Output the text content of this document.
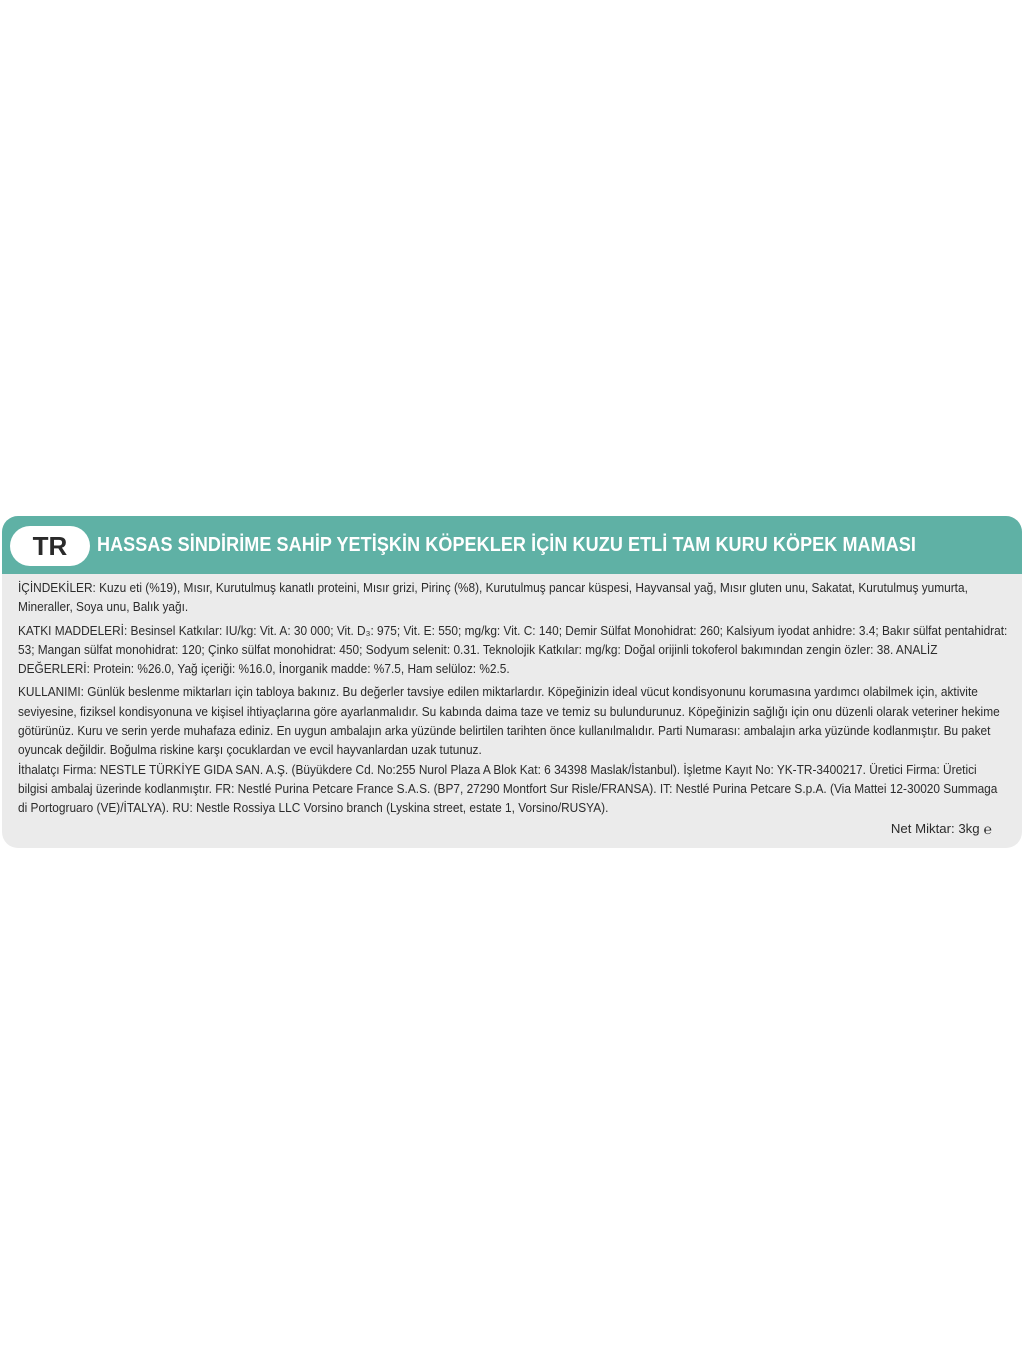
TR	HASSAS SİNDİRİME SAHİP YETİŞKİN KÖPEKLER İÇİN KUZU ETLİ TAM KURU KÖPEK MAMASI

İÇİNDEKİLER: Kuzu eti (%19), Mısır, Kurutulmuş kanatlı proteini, Mısır grizi, Pirinç (%8), Kurutulmuş pancar küspesi, Hayvansal yağ, Mısır gluten unu, Sakatat, Kurutulmuş yumurta, Mineraller, Soya unu, Balık yağı.

KATKI MADDELERİ: Besinsel Katkılar: IU/kg: Vit. A: 30 000; Vit. D₃: 975; Vit. E: 550; mg/kg: Vit. C: 140; Demir Sülfat Monohidrat: 260; Kalsiyum iyodat anhidre: 3.4; Bakır sülfat pentahidrat: 53; Mangan sülfat monohidrat: 120; Çinko sülfat monohidrat: 450; Sodyum selenit: 0.31. Teknolojik Katkılar: mg/kg: Doğal orijinli tokoferol bakımından zengin özler: 38. ANALİZ DEĞERLERİ: Protein: %26.0, Yağ içeriği: %16.0, İnorganik madde: %7.5, Ham selüloz: %2.5.

KULLANIMI: Günlük beslenme miktarları için tabloya bakınız. Bu değerler tavsiye edilen miktarlardır. Köpeğinizin ideal vücut kondisyonunu korumasına yardımcı olabilmek için, aktivite seviyesine, fiziksel kondisyonuna ve kişisel ihtiyaçlarına göre ayarlanmalıdır. Su kabında daima taze ve temiz su bulundurunuz. Köpeğinizin sağlığı için onu düzenli olarak veteriner hekime götürünüz. Kuru ve serin yerde muhafaza ediniz. En uygun ambalajın arka yüzünde belirtilen tarihten önce kullanılmalıdır. Parti Numarası: ambalajın arka yüzünde kodlanmıştır. Bu paket oyuncak değildir. Boğulma riskine karşı çocuklardan ve evcil hayvanlardan uzak tutunuz.

İthalatçı Firma: NESTLE TÜRKİYE GIDA SAN. A.Ş. (Büyükdere Cd. No:255 Nurol Plaza A Blok Kat: 6 34398 Maslak/İstanbul). İşletme Kayıt No: YK-TR-3400217. Üretici Firma: Üretici bilgisi ambalaj üzerinde kodlanmıştır. FR: Nestlé Purina Petcare France S.A.S. (BP7, 27290 Montfort Sur Risle/FRANSA). IT: Nestlé Purina Petcare S.p.A. (Via Mattei 12-30020 Summaga di Portogruaro (VE)/İTALYA). RU: Nestle Rossiya LLC Vorsino branch (Lyskina street, estate 1, Vorsino/RUSYA).

Net Miktar: 3kg ℮
